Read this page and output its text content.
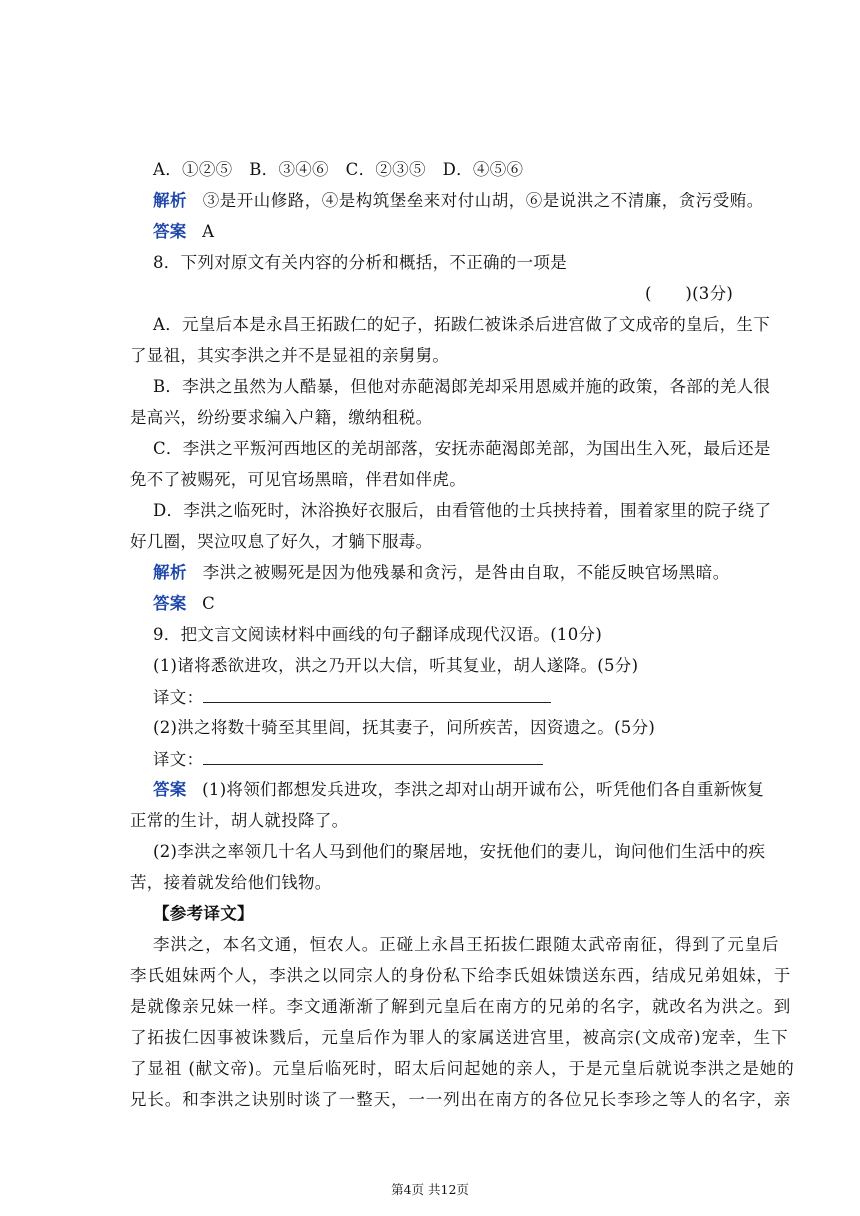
A．①②⑤　B．③④⑥　C．②③⑤　D．④⑤⑥
解析 ③是开山修路，④是构筑堡垒来对付山胡，⑥是说洪之不清廉，贪污受贿。
答案 A
8．下列对原文有关内容的分析和概括，不正确的一项是
(　　)(3分)
A．元皇后本是永昌王拓跋仁的妃子，拓跋仁被诛杀后进宫做了文成帝的皇后，生下
了显祖，其实李洪之并不是显祖的亲舅舅。
B．李洪之虽然为人酷暴，但他对赤葩渴郎羌却采用恩威并施的政策，各部的羌人很
是高兴，纷纷要求编入户籍，缴纳租税。
C．李洪之平叛河西地区的羌胡部落，安抚赤葩渴郎羌部，为国出生入死，最后还是
免不了被赐死，可见官场黑暗，伴君如伴虎。
D．李洪之临死时，沐浴换好衣服后，由看管他的士兵挟持着，围着家里的院子绕了
好几圈，哭泣叹息了好久，才躺下服毒。
解析 李洪之被赐死是因为他残暴和贪污，是咎由自取，不能反映官场黑暗。
答案 C
9．把文言文阅读材料中画线的句子翻译成现代汉语。(10分)
(1)诸将悉欲进攻，洪之乃开以大信，听其复业，胡人遂降。(5分)
译文：
(2)洪之将数十骑至其里闾，抚其妻子，问所疾苦，因资遗之。(5分)
译文：
答案 (1)将领们都想发兵进攻，李洪之却对山胡开诚布公，听凭他们各自重新恢复
正常的生计，胡人就投降了。
(2)李洪之率领几十名人马到他们的聚居地，安抚他们的妻儿，询问他们生活中的疾
苦，接着就发给他们钱物。
【参考译文】
李洪之，本名文通，恒农人。正碰上永昌王拓拔仁跟随太武帝南征，得到了元皇后
李氏姐妹两个人，李洪之以同宗人的身份私下给李氏姐妹馈送东西，结成兄弟姐妹，于
是就像亲兄妹一样。李文通渐渐了解到元皇后在南方的兄弟的名字，就改名为洪之。到
了拓拔仁因事被诛戮后，元皇后作为罪人的家属送进宫里，被高宗(文成帝)宠幸，生下
了显祖 (献文帝)。元皇后临死时，昭太后问起她的亲人，于是元皇后就说李洪之是她的
兄长。和李洪之诀别时谈了一整天，一一列出在南方的各位兄长李珍之等人的名字，亲
第4页 共12页
